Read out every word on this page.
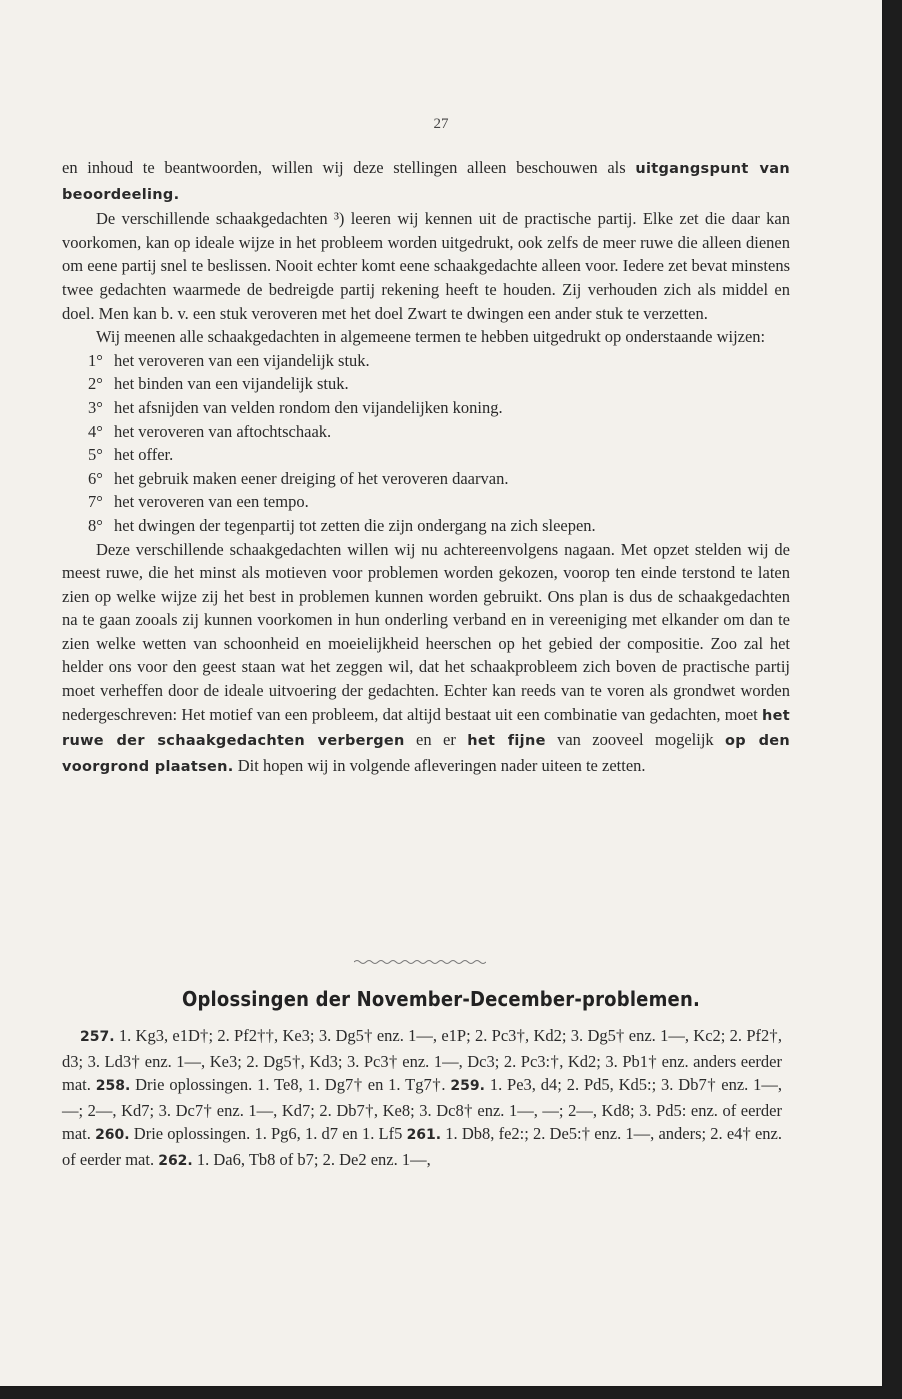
27

en inhoud te beantwoorden, willen wij deze stellingen alleen beschouwen als uitgangspunt van beoordeeling.

De verschillende schaakgedachten ³) leeren wij kennen uit de practische partij. Elke zet die daar kan voorkomen, kan op ideale wijze in het probleem worden uitgedrukt, ook zelfs de meer ruwe die alleen dienen om eene partij snel te beslissen. Nooit echter komt eene schaakgedachte alleen voor. Iedere zet bevat minstens twee gedachten waarmede de bedreigde partij rekening heeft te houden. Zij verhouden zich als middel en doel. Men kan b. v. een stuk veroveren met het doel Zwart te dwingen een ander stuk te verzetten.

Wij meenen alle schaakgedachten in algemeene termen te hebben uitgedrukt op onderstaande wijzen:

1° het veroveren van een vijandelijk stuk.
2° het binden van een vijandelijk stuk.
3° het afsnijden van velden rondom den vijandelijken koning.
4° het veroveren van aftochtschaak.
5° het offer.
6° het gebruik maken eener dreiging of het veroveren daarvan.
7° het veroveren van een tempo.
8° het dwingen der tegenpartij tot zetten die zijn ondergang na zich sleepen.

Deze verschillende schaakgedachten willen wij nu achtereenvolgens nagaan. Met opzet stelden wij de meest ruwe, die het minst als motieven voor problemen worden gekozen, voorop ten einde terstond te laten zien op welke wijze zij het best in problemen kunnen worden gebruikt. Ons plan is dus de schaakgedachten na te gaan zooals zij kunnen voorkomen in hun onderling verband en in vereeniging met elkander om dan te zien welke wetten van schoonheid en moeielijkheid heerschen op het gebied der compositie. Zoo zal het helder ons voor den geest staan wat het zeggen wil, dat het schaakprobleem zich boven de practische partij moet verheffen door de ideale uitvoering der gedachten. Echter kan reeds van te voren als grondwet worden nedergeschreven: Het motief van een probleem, dat altijd bestaat uit een combinatie van gedachten, moet het ruwe der schaakgedachten verbergen en er het fijne van zooveel mogelijk op den voorgrond plaatsen. Dit hopen wij in volgende afleveringen nader uiteen te zetten.

Oplossingen der November-December-problemen.

257. 1. Kg3, e1D†; 2. Pf2††, Ke3; 3. Dg5† enz. 1—, e1P; 2. Pc3†, Kd2; 3. Dg5† enz. 1—, Kc2; 2. Pf2†, d3; 3. Ld3† enz. 1—, Ke3; 2. Dg5†, Kd3; 3. Pc3† enz. 1—, Dc3; 2. Pc3:†, Kd2; 3. Pb1† enz. anders eerder mat. 258. Drie oplossingen. 1. Te8, 1. Dg7† en 1. Tg7†. 259. 1. Pe3, d4; 2. Pd5, Kd5:; 3. Db7† enz. 1—, —; 2—, Kd7; 3. Dc7† enz. 1—, Kd7; 2. Db7†, Ke8; 3. Dc8† enz. 1—, —; 2—, Kd8; 3. Pd5: enz. of eerder mat. 260. Drie oplossingen. 1. Pg6, 1. d7 en 1. Lf5 261. 1. Db8, fe2:; 2. De5:† enz. 1—, anders; 2. e4† enz. of eerder mat. 262. 1. Da6, Tb8 of b7; 2. De2 enz. 1—,
